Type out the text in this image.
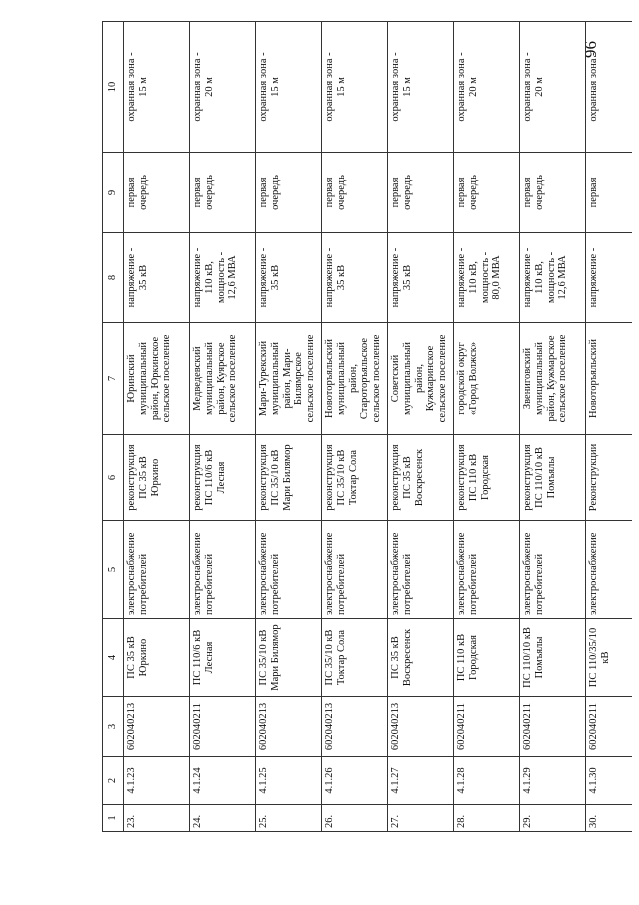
96
1	2	3	4	5	6	7	8	9	10
23.	4.1.23	602040213	ПС 35 кВ
Юркино	электроснабжение
потребителей	реконструкция
ПС 35 кВ
Юркино	Юринский
муниципальный
район, Юркинское
сельское поселение	напряжение -
35 кВ	первая
очередь	охранная зона -
15 м
24.	4.1.24	602040211	ПС 110/6 кВ
Лесная	электроснабжение
потребителей	реконструкция
ПС 110/6 кВ
Лесная	Медведевский
муниципальный
район, Куярское
сельское поселение	напряжение -
110 кВ,
мощность -
12,6 МВА	первая
очередь	охранная зона -
20 м
25.	4.1.25	602040213	ПС 35/10 кВ
Мари Билямор	электроснабжение
потребителей	реконструкция
ПС 35/10 кВ
Мари Билямор	Мари-Турекский
муниципальный
район, Мари-
Билямрское
сельское поселение	напряжение -
35 кВ	первая
очередь	охранная зона -
15 м
26.	4.1.26	602040213	ПС 35/10 кВ
Токтар Сола	электроснабжение
потребителей	реконструкция
ПС 35/10 кВ
Токтар Сола	Новоторъяльский
муниципальный
район,
Староторъяльское
сельское поселение	напряжение -
35 кВ	первая
очередь	охранная зона -
15 м
27.	4.1.27	602040213	ПС 35 кВ
Воскресенск	электроснабжение
потребителей	реконструкция
ПС 35 кВ
Воскресенск	Советский
муниципальный
район,
Кужмаринское
сельское поселение	напряжение -
35 кВ	первая
очередь	охранная зона -
15 м
28.	4.1.28	602040211	ПС 110 кВ
Городская	электроснабжение
потребителей	реконструкция
ПС 110 кВ
Городская	городской округ
«Город Волжск»	напряжение -
110 кВ,
мощность -
80,0 МВА	первая
очередь	охранная зона -
20 м
29.	4.1.29	602040211	ПС 110/10 кВ
Помъялы	электроснабжение
потребителей	реконструкция
ПС 110/10 кВ
Помъялы	Звениговский
муниципальный
район, Кужмарское
сельское поселение	напряжение -
110 кВ,
мощность -
12,6 МВА	первая
очередь	охранная зона -
20 м
30.	4.1.30	602040211	ПС 110/35/10 кВ	электроснабжение	Реконструкции	Новоторъяльский	напряжение -	первая	охранная зона -
